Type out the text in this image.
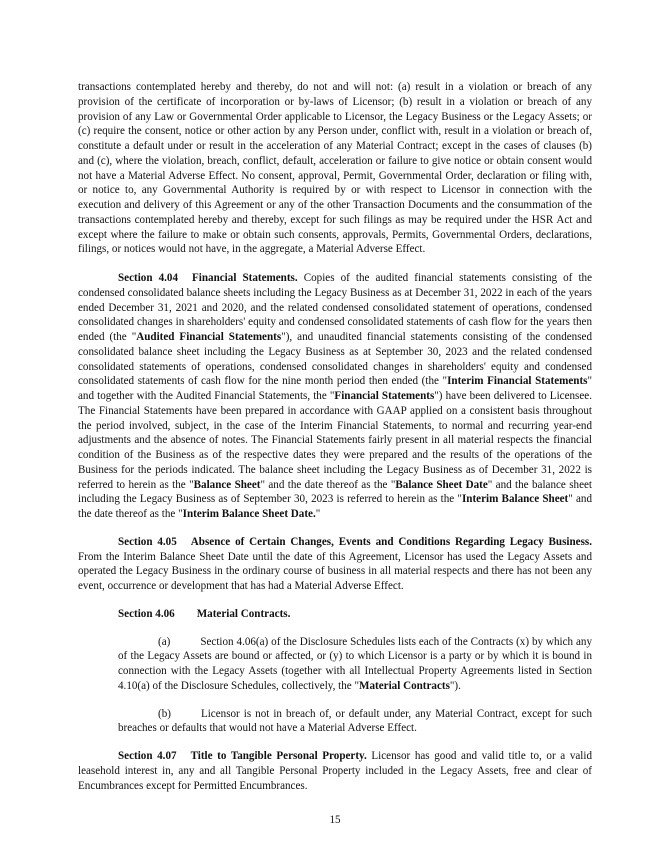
transactions contemplated hereby and thereby, do not and will not: (a) result in a violation or breach of any provision of the certificate of incorporation or by-laws of Licensor; (b) result in a violation or breach of any provision of any Law or Governmental Order applicable to Licensor, the Legacy Business or the Legacy Assets; or (c) require the consent, notice or other action by any Person under, conflict with, result in a violation or breach of, constitute a default under or result in the acceleration of any Material Contract; except in the cases of clauses (b) and (c), where the violation, breach, conflict, default, acceleration or failure to give notice or obtain consent would not have a Material Adverse Effect. No consent, approval, Permit, Governmental Order, declaration or filing with, or notice to, any Governmental Authority is required by or with respect to Licensor in connection with the execution and delivery of this Agreement or any of the other Transaction Documents and the consummation of the transactions contemplated hereby and thereby, except for such filings as may be required under the HSR Act and except where the failure to make or obtain such consents, approvals, Permits, Governmental Orders, declarations, filings, or notices would not have, in the aggregate, a Material Adverse Effect.

Section 4.04 Financial Statements. Copies of the audited financial statements consisting of the condensed consolidated balance sheets including the Legacy Business as at December 31, 2022 in each of the years ended December 31, 2021 and 2020, and the related condensed consolidated statement of operations, condensed consolidated changes in shareholders' equity and condensed consolidated statements of cash flow for the years then ended (the "Audited Financial Statements"), and unaudited financial statements consisting of the condensed consolidated balance sheet including the Legacy Business as at September 30, 2023 and the related condensed consolidated statements of operations, condensed consolidated changes in shareholders' equity and condensed consolidated statements of cash flow for the nine month period then ended (the "Interim Financial Statements" and together with the Audited Financial Statements, the "Financial Statements") have been delivered to Licensee. The Financial Statements have been prepared in accordance with GAAP applied on a consistent basis throughout the period involved, subject, in the case of the Interim Financial Statements, to normal and recurring year-end adjustments and the absence of notes. The Financial Statements fairly present in all material respects the financial condition of the Business as of the respective dates they were prepared and the results of the operations of the Business for the periods indicated. The balance sheet including the Legacy Business as of December 31, 2022 is referred to herein as the "Balance Sheet" and the date thereof as the "Balance Sheet Date" and the balance sheet including the Legacy Business as of September 30, 2023 is referred to herein as the "Interim Balance Sheet" and the date thereof as the "Interim Balance Sheet Date."

Section 4.05 Absence of Certain Changes, Events and Conditions Regarding Legacy Business. From the Interim Balance Sheet Date until the date of this Agreement, Licensor has used the Legacy Assets and operated the Legacy Business in the ordinary course of business in all material respects and there has not been any event, occurrence or development that has had a Material Adverse Effect.

Section 4.06 Material Contracts.

(a)	Section 4.06(a) of the Disclosure Schedules lists each of the Contracts (x) by which any of the Legacy Assets are bound or affected, or (y) to which Licensor is a party or by which it is bound in connection with the Legacy Assets (together with all Intellectual Property Agreements listed in Section 4.10(a) of the Disclosure Schedules, collectively, the "Material Contracts").

(b)	Licensor is not in breach of, or default under, any Material Contract, except for such breaches or defaults that would not have a Material Adverse Effect.

Section 4.07 Title to Tangible Personal Property. Licensor has good and valid title to, or a valid leasehold interest in, any and all Tangible Personal Property included in the Legacy Assets, free and clear of Encumbrances except for Permitted Encumbrances.

15
